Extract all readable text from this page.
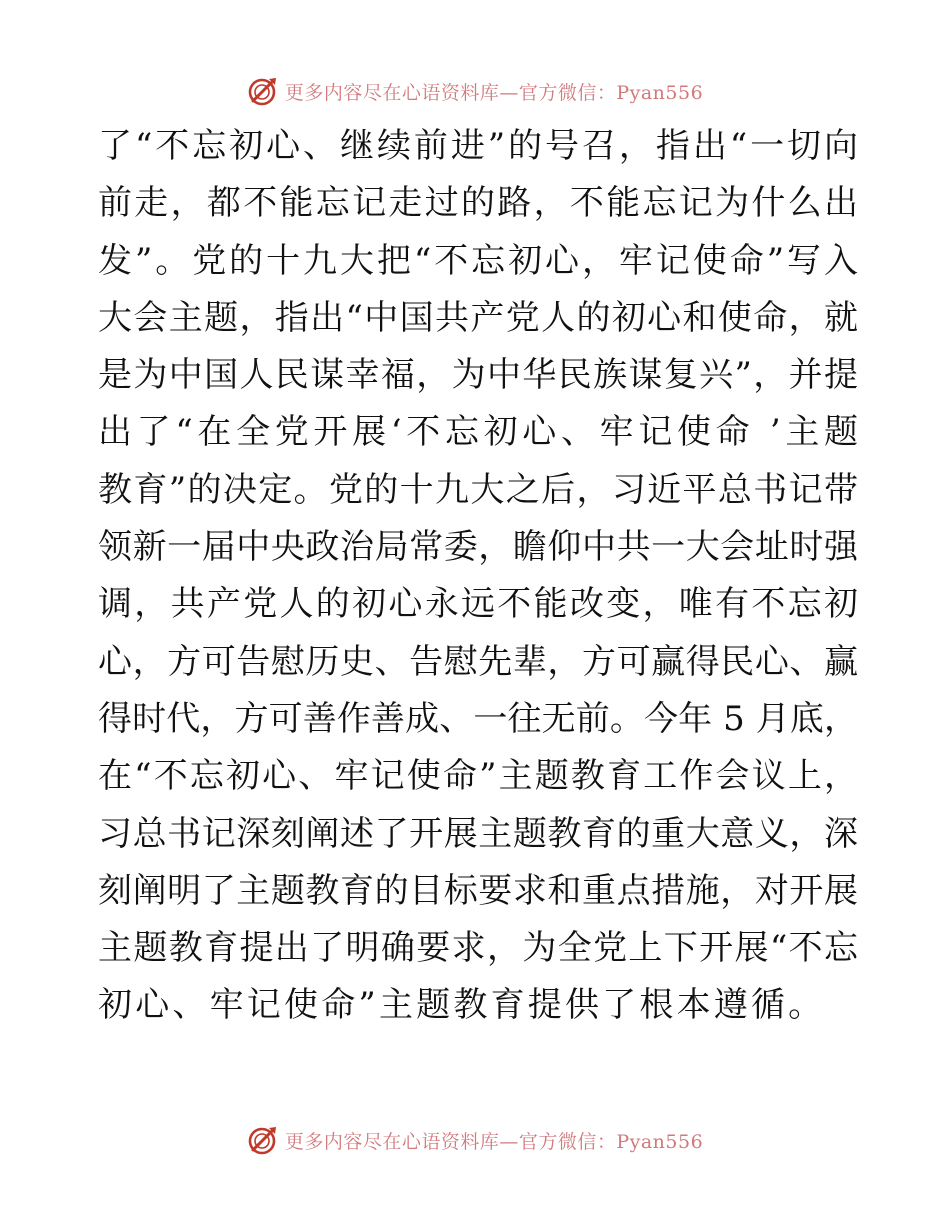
更多内容尽在心语资料库—官方微信：Pyan556
了“不忘初心、继续前进”的号召，指出“一切向
前走，都不能忘记走过的路，不能忘记为什么出
发”。党的十九大把“不忘初心，牢记使命”写入
大会主题，指出“中国共产党人的初心和使命，就
是为中国人民谋幸福，为中华民族谋复兴”，并提
出了“在全党开展‘不忘初心、牢记使命 ’主题
教育”的决定。党的十九大之后，习近平总书记带
领新一届中央政治局常委，瞻仰中共一大会址时强
调，共产党人的初心永远不能改变，唯有不忘初
心，方可告慰历史、告慰先辈，方可赢得民心、赢
得时代，方可善作善成、一往无前。今年 5 月底，
在“不忘初心、牢记使命”主题教育工作会议上，
习总书记深刻阐述了开展主题教育的重大意义，深
刻阐明了主题教育的目标要求和重点措施，对开展
主题教育提出了明确要求，为全党上下开展“不忘
初心、牢记使命”主题教育提供了根本遵循。
更多内容尽在心语资料库—官方微信：Pyan556
